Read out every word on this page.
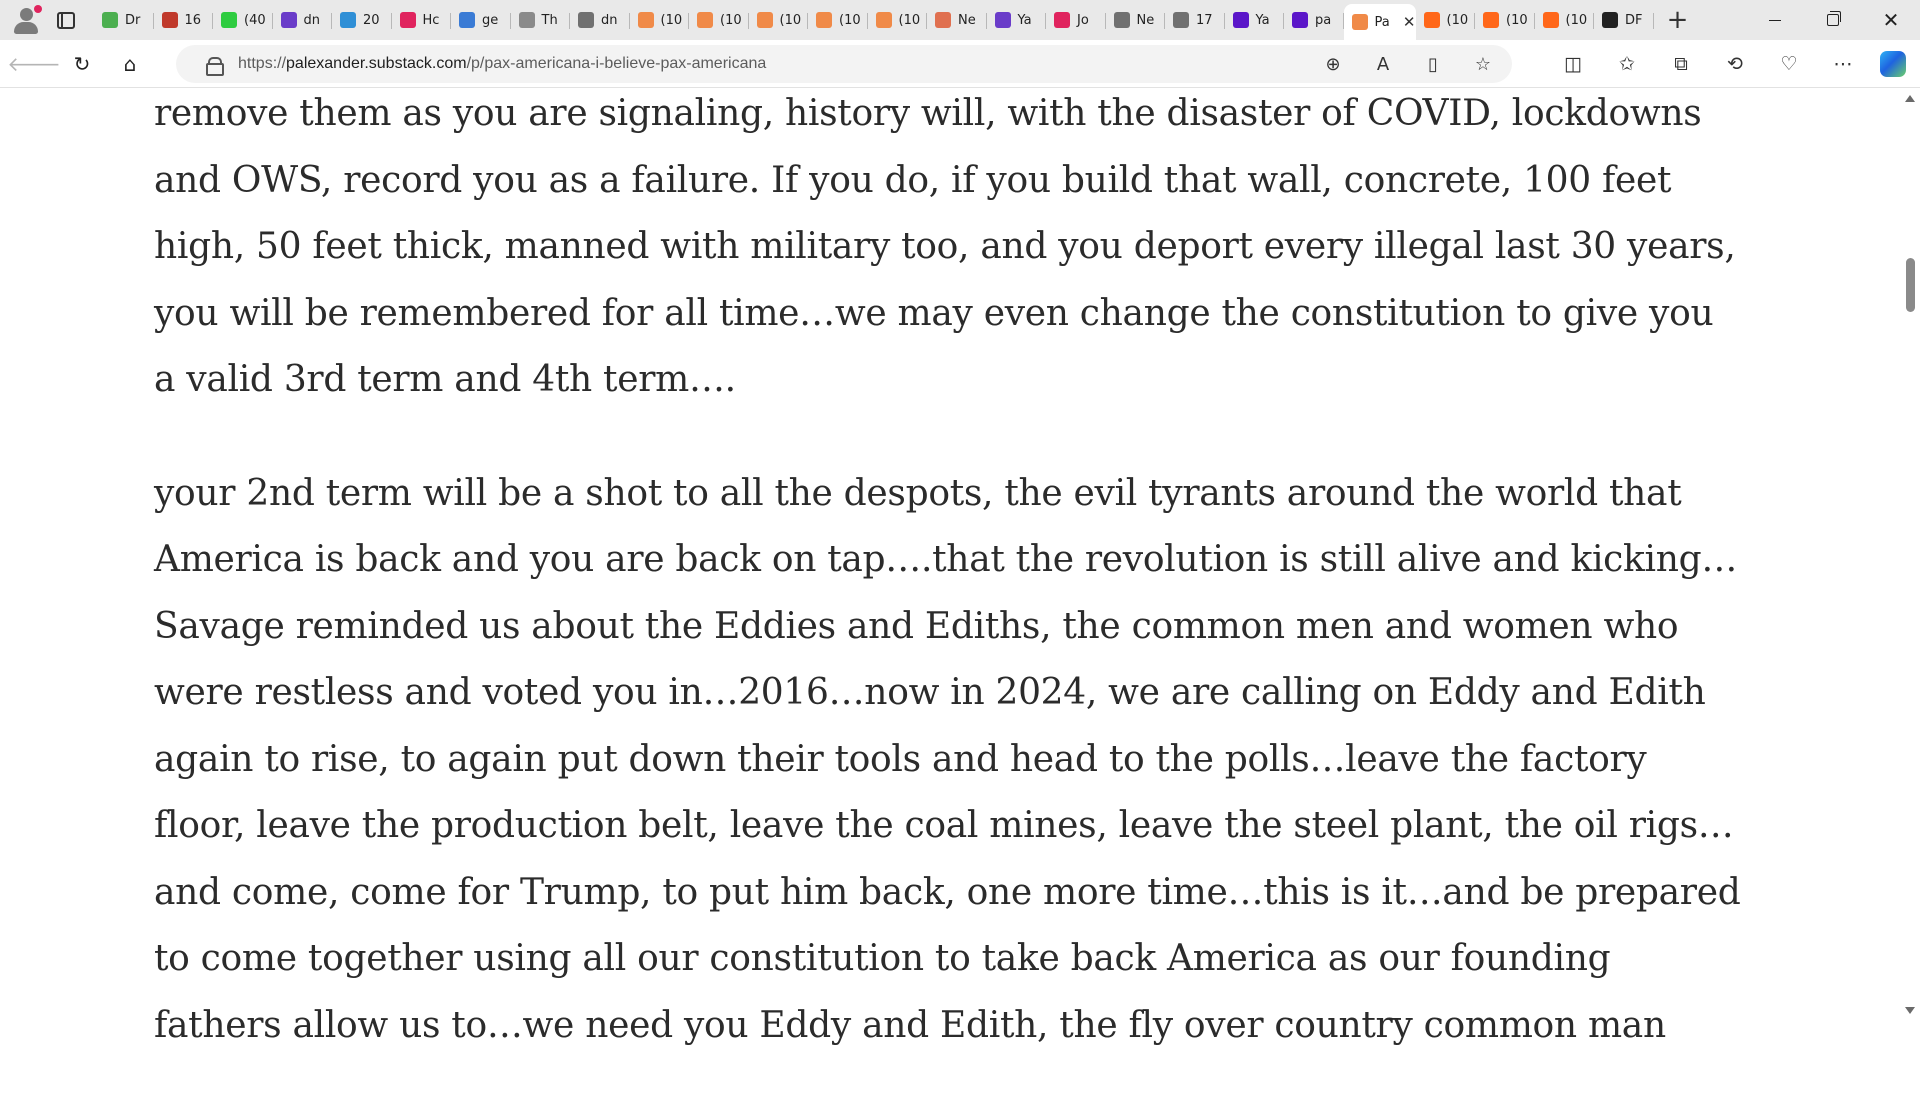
Dr	16	(40	dn	20	Hc	ge	Th	dn	(10	(10	(10	(10	(10	Ne	Ya	Jo	Ne	17	Ya	pa	Pa ✕ (10	(10	(10	DF +	✕
🡐 ↻	⌂	https://palexander.substack.com/p/pax-americana-i-believe-pax-americana	⊕	A	▯	☆	◫	✩	⧉	⟲	♡	⋯

remove them as you are signaling, history will, with the disaster of COVID, lockdowns
and OWS, record you as a failure. If you do, if you build that wall, concrete, 100 feet
high, 50 feet thick, manned with military too, and you deport every illegal last 30 years,
you will be remembered for all time…we may even change the constitution to give you
a valid 3rd term and 4th term….

your 2nd term will be a shot to all the despots, the evil tyrants around the world that
America is back and you are back on tap….that the revolution is still alive and kicking…
Savage reminded us about the Eddies and Ediths, the common men and women who
were restless and voted you in…2016…now in 2024, we are calling on Eddy and Edith
again to rise, to again put down their tools and head to the polls…leave the factory
floor, leave the production belt, leave the coal mines, leave the steel plant, the oil rigs…
and come, come for Trump, to put him back, one more time…this is it…and be prepared
to come together using all our constitution to take back America as our founding
fathers allow us to…we need you Eddy and Edith, the fly over country common man
